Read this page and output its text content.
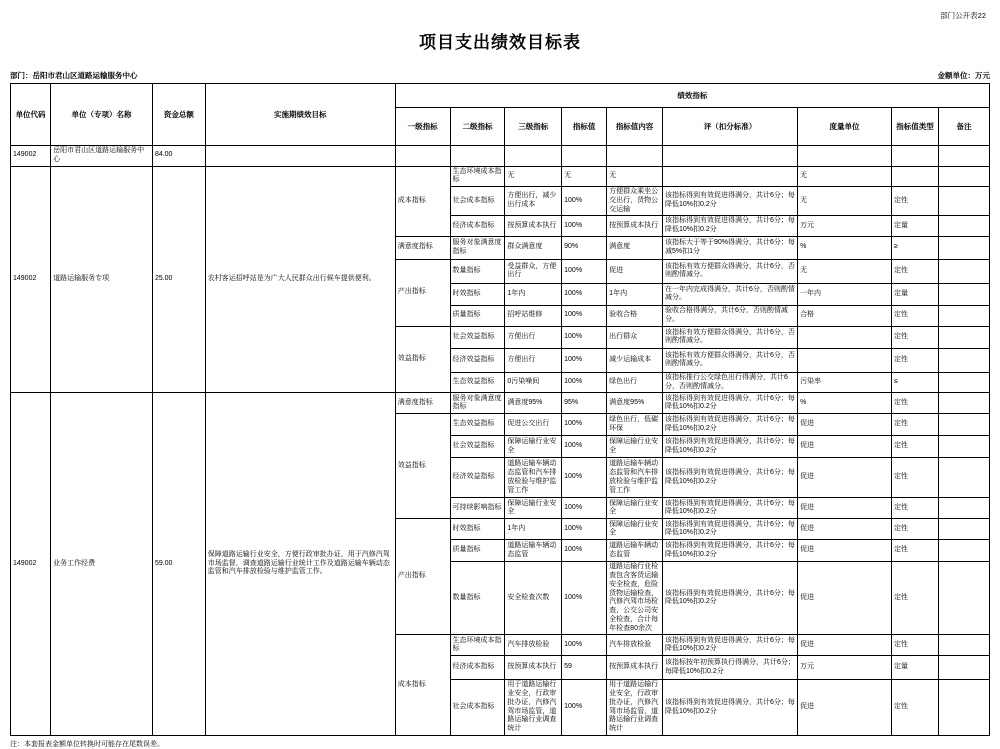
部门公开表22
项目支出绩效目标表
部门：岳阳市君山区道路运输服务中心	金额单位：万元
单位代码	单位（专项）名称	资金总额	实施期绩效目标	绩效指标								
				一级指标	二级指标	三级指标	指标值	指标值内容	评（扣分标准）	度量单位	指标值类型	备注
149002	岳阳市君山区道路运输服务中心	84.00										
149002	道路运输服务专项	25.00	农村客运招呼站是为广大人民群众出行候车提供便利。	成本指标	生态环境成本指标	无	无	无		无		
					社会成本指标	方便出行，减少出行成本	100%	方便群众乘坐公交出行，货物公交运输	该指标得到有效促进得满分，共计6分；每降低10%扣0.2分	无	定性	
					经济成本指标	按预算成本执行	100%	按预算成本执行	该指标得到有效促进得满分，共计6分；每降低10%扣0.2分	万元	定量	
				满意度指标	服务对象满意度指标	群众满意度	90%	满意度	该指标大于等于90%得满分，共计6分；每减5%扣1分	%	≥	
				产出指标	数量指标	受益群众，方便出行	100%	促进	该指标有效方便群众得满分，共计6分，否则酌情减分。	无	定性	
					时效指标	1年内	100%	1年内	在一年内完成得满分，共计6分，否则酌情减分。	一年内	定量	
					质量指标	招呼站维修	100%	验收合格	验收合格得满分，共计6分，否则酌情减分。	合格	定性	
				效益指标	社会效益指标	方便出行	100%	出行群众	该指标有效方便群众得满分，共计6分，否则酌情减分。		定性	
					经济效益指标	方便出行	100%	减少运输成本	该指标有效方便群众得满分，共计6分，否则酌情减分。		定性	
					生态效益指标	0污染噪间	100%	绿色出行	该指标推行公交绿色出行得满分，共计6分，否则酌情减分。	污染率	≤	
149002	业务工作经费	59.00	保障道路运输行业安全，方便行政审批办证，用于汽修汽驾市场监督，调查道路运输行业统计工作及道路运输车辆动态监管和汽车排放检验与维护监管工作。	满意度指标	服务对象满意度指标	满意度95%	95%	满意度95%	该指标得到有效促进得满分，共计6分；每降低10%扣0.2分	%	定性	
				效益指标	生态效益指标	促进公交出行	100%	绿色出行，低碳环保	该指标得到有效促进得满分，共计6分；每降低10%扣0.2分	促进	定性	
					社会效益指标	保障运输行业安全	100%	保障运输行业安全	该指标得到有效促进得满分，共计6分；每降低10%扣0.2分	促进	定性	
					经济效益指标	道路运输车辆动态监管和汽车排放检验与维护监管工作	100%	道路运输车辆动态监管和汽车排放检验与维护监管工作	该指标得到有效促进得满分，共计6分；每降低10%扣0.2分	促进	定性	
					可持续影响指标	保障运输行业安全	100%	保障运输行业安全	该指标得到有效促进得满分，共计6分；每降低10%扣0.2分	促进	定性	
				产出指标	时效指标	1年内	100%	保障运输行业安全	该指标得到有效促进得满分，共计6分；每降低10%扣0.2分	促进	定性	
					质量指标	道路运输车辆动态监管	100%	道路运输车辆动态监管	该指标得到有效促进得满分，共计6分；每降低10%扣0.2分	促进	定性	
					数量指标	安全检查次数	100%	道路运输行业检查包含客货运输安全检查，危险货物运输检查，汽修汽驾市场检查，公交公司安全检查，合计每年检查80余次	该指标得到有效促进得满分，共计6分；每降低10%扣0.2分	促进	定性	
				成本指标	生态环境成本指标	汽车排放检验	100%	汽车排放检验	该指标得到有效促进得满分，共计6分；每降低10%扣0.2分	促进	定性	
					经济成本指标	按预算成本执行	59	按预算成本执行	该指标按年初预算执行得满分，共计6分；每降低10%扣0.2分	万元	定量	
					社会成本指标	用于道路运输行业安全，行政审批办证，汽修汽驾市场监管，道路运输行业调查统计	100%	用于道路运输行业安全，行政审批办证，汽修汽驾市场监管，道路运输行业调查统计	该指标得到有效促进得满分，共计6分；每降低10%扣0.2分	促进	定性	
注：本套报表金额单位转换时可能存在尾数误差。
